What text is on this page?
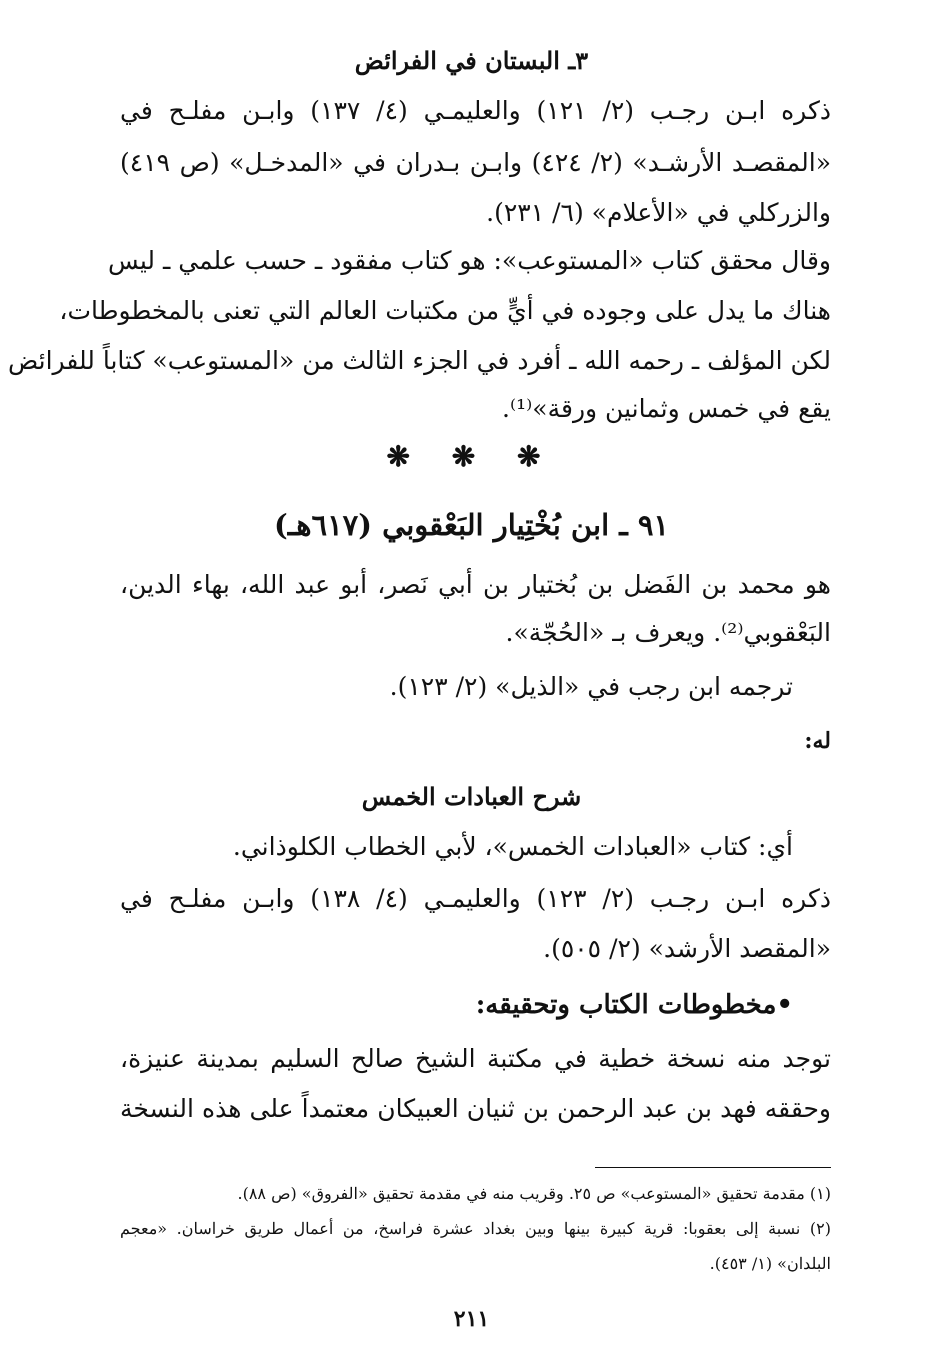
٣ـ البستان في الفرائض
ذكره ابـن رجـب (٢/ ١٢١) والعليمـي (٤/ ١٣٧) وابـن مفلـح في
«المقصـد الأرشـد» (٢/ ٤٢٤) وابـن بـدران في «المدخـل» (ص ٤١٩)
والزركلي في «الأعلام» (٦/ ٢٣١).
وقال محقق كتاب «المستوعب»: هو كتاب مفقود ـ حسب علمي ـ ليس
هناك ما يدل على وجوده في أيٍّ من مكتبات العالم التي تعنى بالمخطوطات،
لكن المؤلف ـ رحمه الله ـ أفرد في الجزء الثالث من «المستوعب» كتاباً للفرائض
يقع في خمس وثمانين ورقة»⁽¹⁾.
❋ ❋ ❋
٩١ ـ ابن بُخْتِيار البَعْقوبي (٦١٧هـ)
هو محمد بن الفَضل بن بُختيار بن أبي نَصر، أبو عبد الله، بهاء الدين،
البَعْقوبي⁽²⁾. ويعرف بـ «الحُجّة».
ترجمه ابن رجب في «الذيل» (٢/ ١٢٣).
له:
شرح العبادات الخمس
أي: كتاب «العبادات الخمس»، لأبي الخطاب الكلوذاني.
ذكره ابـن رجـب (٢/ ١٢٣) والعليمـي (٤/ ١٣٨) وابـن مفلـح في
«المقصد الأرشد» (٢/ ٥٠٥).
•مخطوطات الكتاب وتحقيقه:
توجد منه نسخة خطية في مكتبة الشيخ صالح السليم بمدينة عنيزة،
وحققه فهد بن عبد الرحمن بن ثنيان العبيكان معتمداً على هذه النسخة
(١) مقدمة تحقيق «المستوعب» ص ٢٥. وقريب منه في مقدمة تحقيق «الفروق» (ص ٨٨).
(٢) نسبة إلى بعقوبا: قرية كبيرة بينها وبين بغداد عشرة فراسخ، من أعمال طريق خراسان. «معجم
البلدان» (١/ ٤٥٣).
٢١١
